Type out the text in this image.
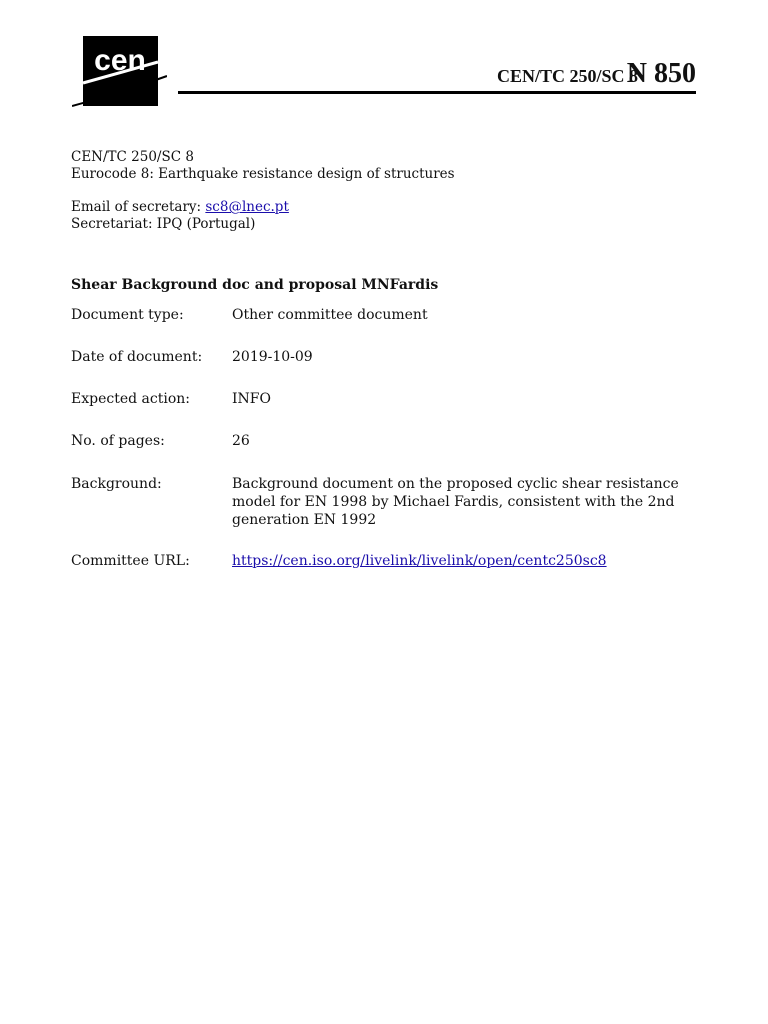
cen	CEN/TC 250/SC 8
N 850
CEN/TC 250/SC 8
Eurocode 8: Earthquake resistance design of structures
Email of secretary: sc8@lnec.pt
Secretariat: IPQ (Portugal)
Shear Background doc and proposal MNFardis
Document type:	Other committee document
Date of document:	2019-10-09
Expected action:	INFO
No. of pages:	26
Background:	Background document on the proposed cyclic shear resistance model for EN 1998 by Michael Fardis, consistent with the 2nd generation EN 1992
Committee URL:	https://cen.iso.org/livelink/livelink/open/centc250sc8
